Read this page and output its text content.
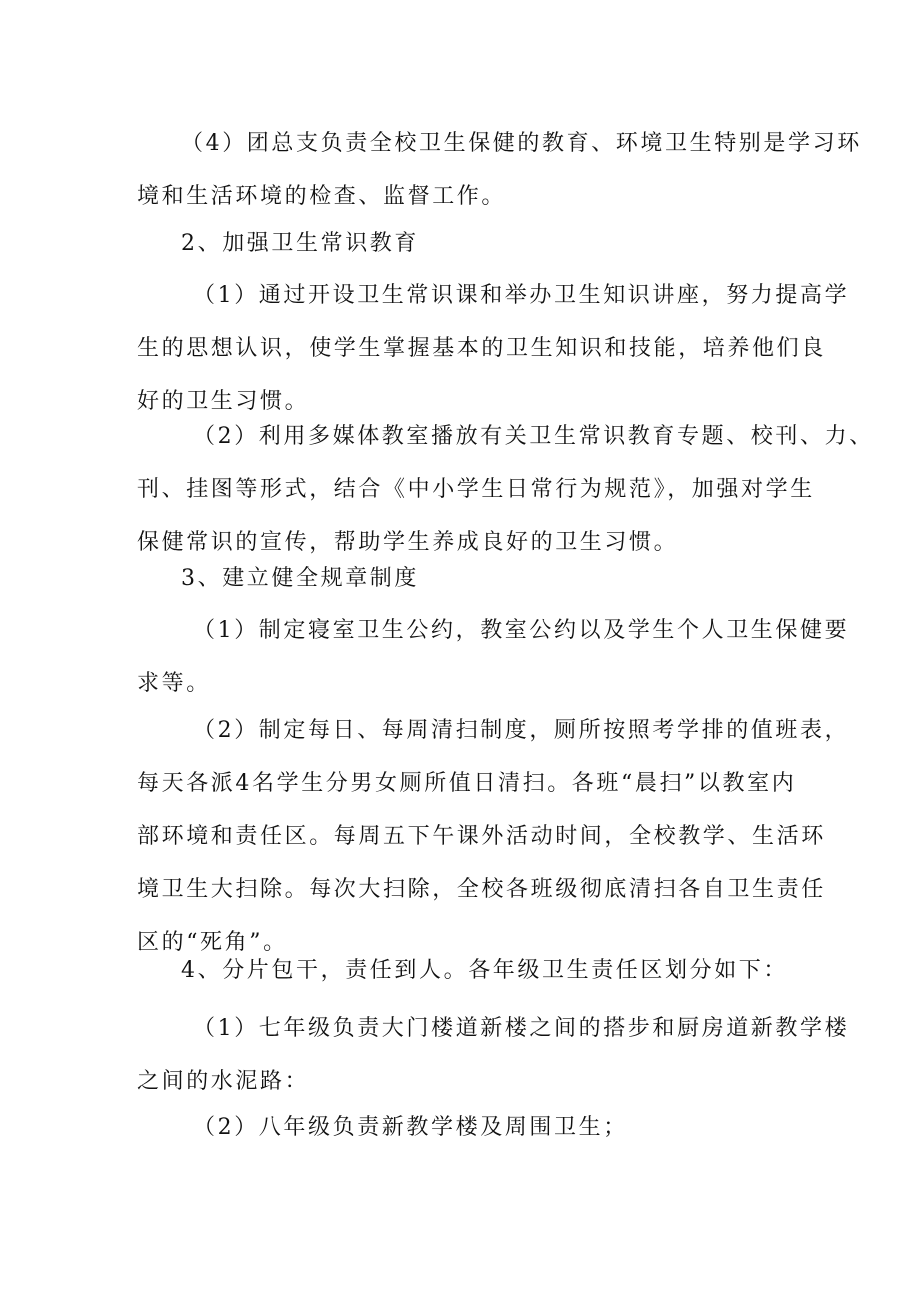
（4）团总支负责全校卫生保健的教育、环境卫生特别是学习环
境和生活环境的检查、监督工作。
2、加强卫生常识教育
（1）通过开设卫生常识课和举办卫生知识讲座，努力提高学
生的思想认识，使学生掌握基本的卫生知识和技能，培养他们良
好的卫生习惯。
（2）利用多媒体教室播放有关卫生常识教育专题、校刊、力、
刊、挂图等形式，结合《中小学生日常行为规范》，加强对学生
保健常识的宣传，帮助学生养成良好的卫生习惯。
3、建立健全规章制度
（1）制定寝室卫生公约，教室公约以及学生个人卫生保健要
求等。
（2）制定每日、每周清扫制度，厕所按照考学排的值班表，
每天各派4名学生分男女厕所值日清扫。各班“晨扫”以教室内
部环境和责任区。每周五下午课外活动时间，全校教学、生活环
境卫生大扫除。每次大扫除，全校各班级彻底清扫各自卫生责任
区的“死角”。
4、分片包干，责任到人。各年级卫生责任区划分如下：
（1）七年级负责大门楼道新楼之间的搭步和厨房道新教学楼
之间的水泥路：
（2）八年级负责新教学楼及周围卫生；
